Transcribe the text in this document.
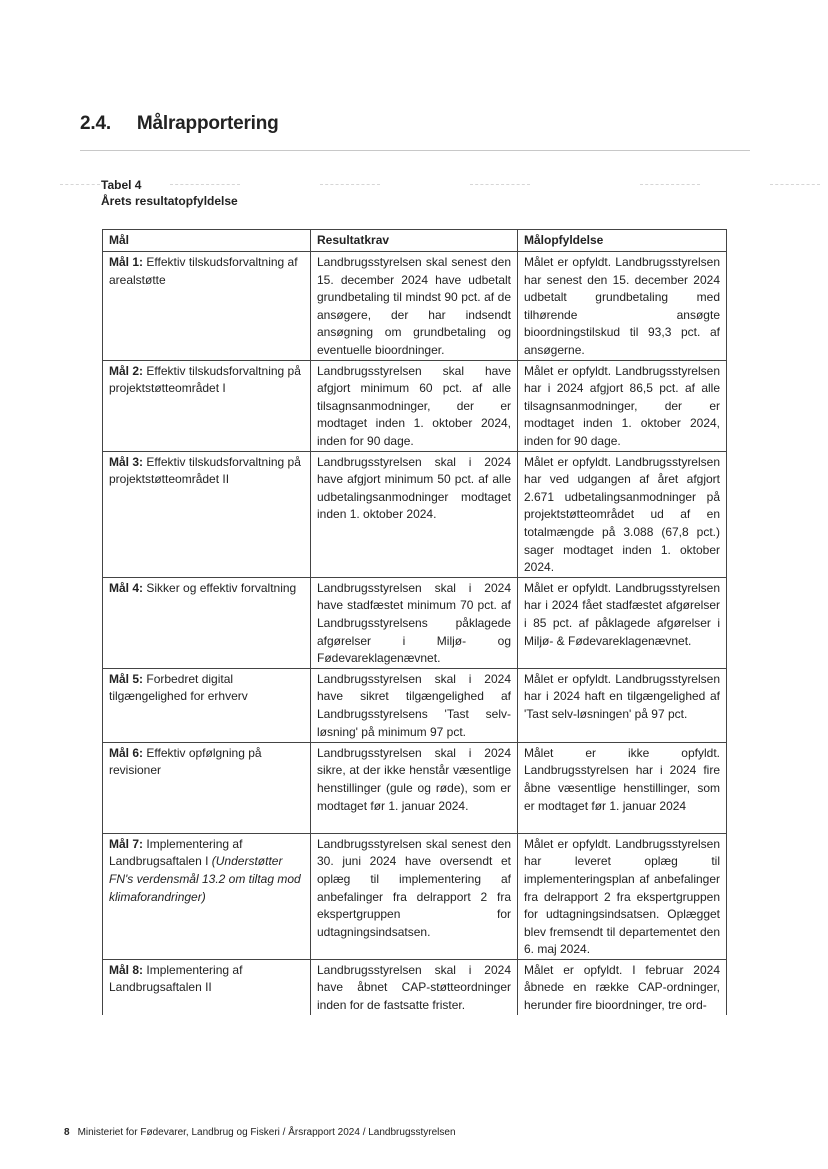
2.4. Målrapportering
Tabel 4
Årets resultatopfyldelse
Mål	Resultatkrav	Målopfyldelse
Mål 1: Effektiv tilskudsforvaltning af arealstøtte	Landbrugsstyrelsen skal senest den 15. december 2024 have udbetalt grundbetaling til mindst 90 pct. af de ansøgere, der har indsendt ansøgning om grundbetaling og eventuelle bioordninger.	Målet er opfyldt. Landbrugsstyrelsen har senest den 15. december 2024 udbetalt grundbetaling med tilhørende ansøgte bioordningstilskud til 93,3 pct. af ansøgerne.
Mål 2: Effektiv tilskudsforvaltning på projektstøtteområdet I	Landbrugsstyrelsen skal have afgjort minimum 60 pct. af alle tilsagnsanmodninger, der er modtaget inden 1. oktober 2024, inden for 90 dage.	Målet er opfyldt. Landbrugsstyrelsen har i 2024 afgjort 86,5 pct. af alle tilsagnsanmodninger, der er modtaget inden 1. oktober 2024, inden for 90 dage.
Mål 3: Effektiv tilskudsforvaltning på projektstøtteområdet II	Landbrugsstyrelsen skal i 2024 have afgjort minimum 50 pct. af alle udbetalingsanmodninger modtaget inden 1. oktober 2024.	Målet er opfyldt. Landbrugsstyrelsen har ved udgangen af året afgjort 2.671 udbetalingsanmodninger på projektstøtteområdet ud af en totalmængde på 3.088 (67,8 pct.) sager modtaget inden 1. oktober 2024.
Mål 4: Sikker og effektiv forvaltning	Landbrugsstyrelsen skal i 2024 have stadfæstet minimum 70 pct. af Landbrugsstyrelsens påklagede afgørelser i Miljø- og Fødevareklagenævnet.	Målet er opfyldt. Landbrugsstyrelsen har i 2024 fået stadfæstet afgørelser i 85 pct. af påklagede afgørelser i Miljø- & Fødevareklagenævnet.
Mål 5: Forbedret digital tilgængelighed for erhverv	Landbrugsstyrelsen skal i 2024 have sikret tilgængelighed af Landbrugsstyrelsens 'Tast selv-løsning' på minimum 97 pct.	Målet er opfyldt. Landbrugsstyrelsen har i 2024 haft en tilgængelighed af 'Tast selv-løsningen' på 97 pct.
Mål 6: Effektiv opfølgning på revisioner	Landbrugsstyrelsen skal i 2024 sikre, at der ikke henstår væsentlige henstillinger (gule og røde), som er modtaget før 1. januar 2024.	Målet er ikke opfyldt. Landbrugsstyrelsen har i 2024 fire åbne væsentlige henstillinger, som er modtaget før 1. januar 2024
Mål 7: Implementering af Landbrugsaftalen I (Understøtter FN's verdensmål 13.2 om tiltag mod klimaforandringer)	Landbrugsstyrelsen skal senest den 30. juni 2024 have oversendt et oplæg til implementering af anbefalinger fra delrapport 2 fra ekspertgruppen for udtagningsindsatsen.	Målet er opfyldt. Landbrugsstyrelsen har leveret oplæg til implementeringsplan af anbefalinger fra delrapport 2 fra ekspertgruppen for udtagningsindsatsen. Oplægget blev fremsendt til departementet den 6. maj 2024.
Mål 8: Implementering af Landbrugsaftalen II	Landbrugsstyrelsen skal i 2024 have åbnet CAP-støtteordninger inden for de fastsatte frister.	Målet er opfyldt. I februar 2024 åbnede en række CAP-ordninger, herunder fire bioordninger, tre ord-
8 Ministeriet for Fødevarer, Landbrug og Fiskeri / Årsrapport 2024 / Landbrugsstyrelsen
